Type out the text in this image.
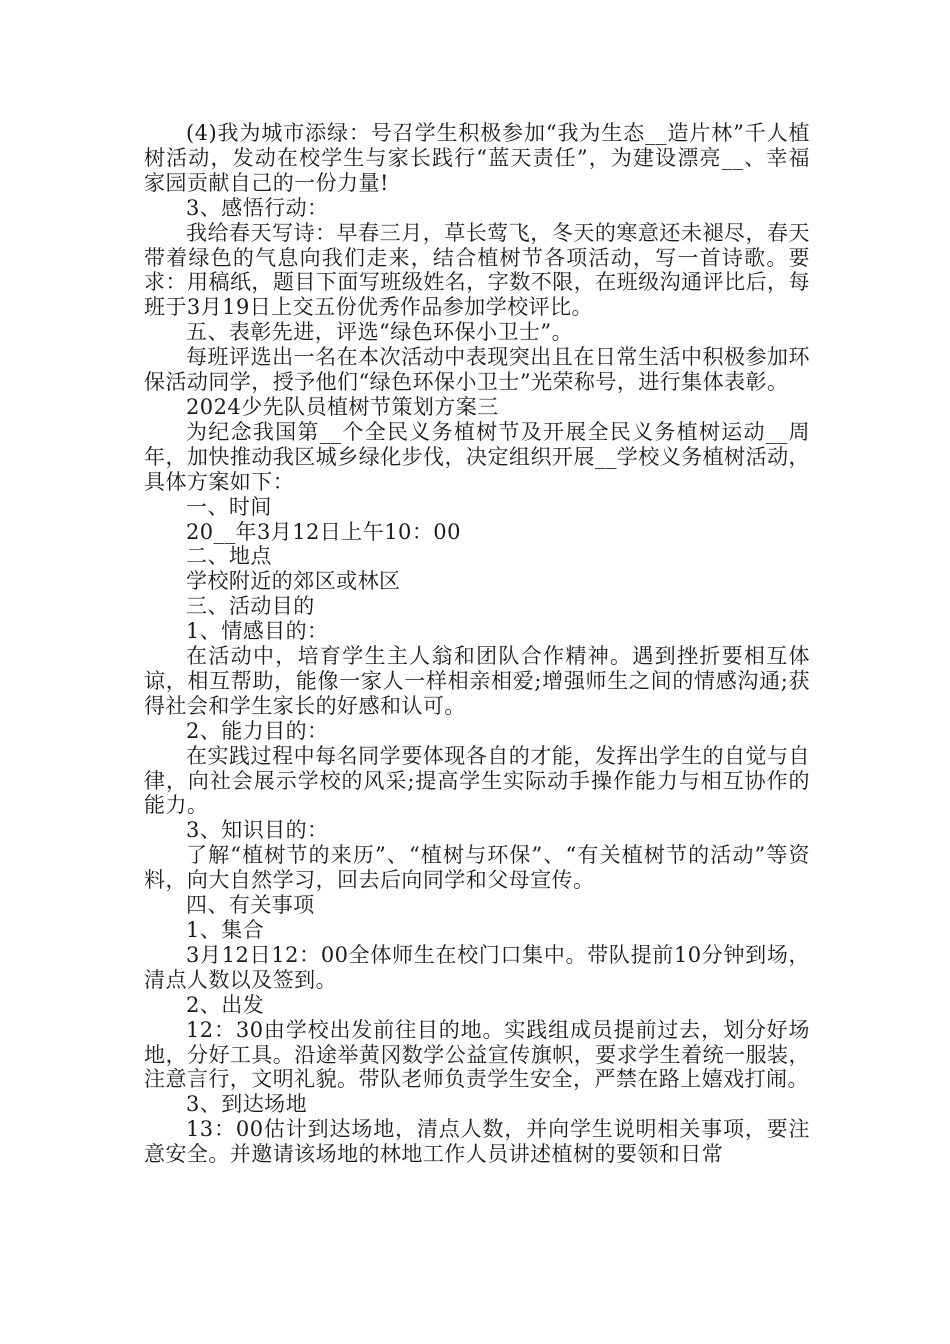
(4)我为城市添绿：号召学生积极参加“我为生态__造片林”千人植树活动，发动在校学生与家长践行“蓝天责任”，为建设漂亮__、幸福家园贡献自己的一份力量!

3、感悟行动：

我给春天写诗：早春三月，草长莺飞，冬天的寒意还未褪尽，春天带着绿色的气息向我们走来，结合植树节各项活动，写一首诗歌。要求：用稿纸，题目下面写班级姓名，字数不限，在班级沟通评比后，每班于3月19日上交五份优秀作品参加学校评比。

五、表彰先进，评选“绿色环保小卫士”。

每班评选出一名在本次活动中表现突出且在日常生活中积极参加环保活动同学，授予他们“绿色环保小卫士”光荣称号，进行集体表彰。

2024少先队员植树节策划方案三

为纪念我国第__个全民义务植树节及开展全民义务植树运动__周年，加快推动我区城乡绿化步伐，决定组织开展__学校义务植树活动，具体方案如下：

一、时间

20__年3月12日上午10：00

二、地点

学校附近的郊区或林区

三、活动目的

1、情感目的：

在活动中，培育学生主人翁和团队合作精神。遇到挫折要相互体谅，相互帮助，能像一家人一样相亲相爱;增强师生之间的情感沟通;获得社会和学生家长的好感和认可。

2、能力目的：

在实践过程中每名同学要体现各自的才能，发挥出学生的自觉与自律，向社会展示学校的风采;提高学生实际动手操作能力与相互协作的能力。

3、知识目的：

了解“植树节的来历”、“植树与环保”、“有关植树节的活动”等资料，向大自然学习，回去后向同学和父母宣传。

四、有关事项

1、集合

3月12日12：00全体师生在校门口集中。带队提前10分钟到场，清点人数以及签到。

2、出发

12：30由学校出发前往目的地。实践组成员提前过去，划分好场地，分好工具。沿途举黄冈数学公益宣传旗帜，要求学生着统一服装，注意言行，文明礼貌。带队老师负责学生安全，严禁在路上嬉戏打闹。

3、到达场地

13：00估计到达场地，清点人数，并向学生说明相关事项，要注意安全。并邀请该场地的林地工作人员讲述植树的要领和日常
